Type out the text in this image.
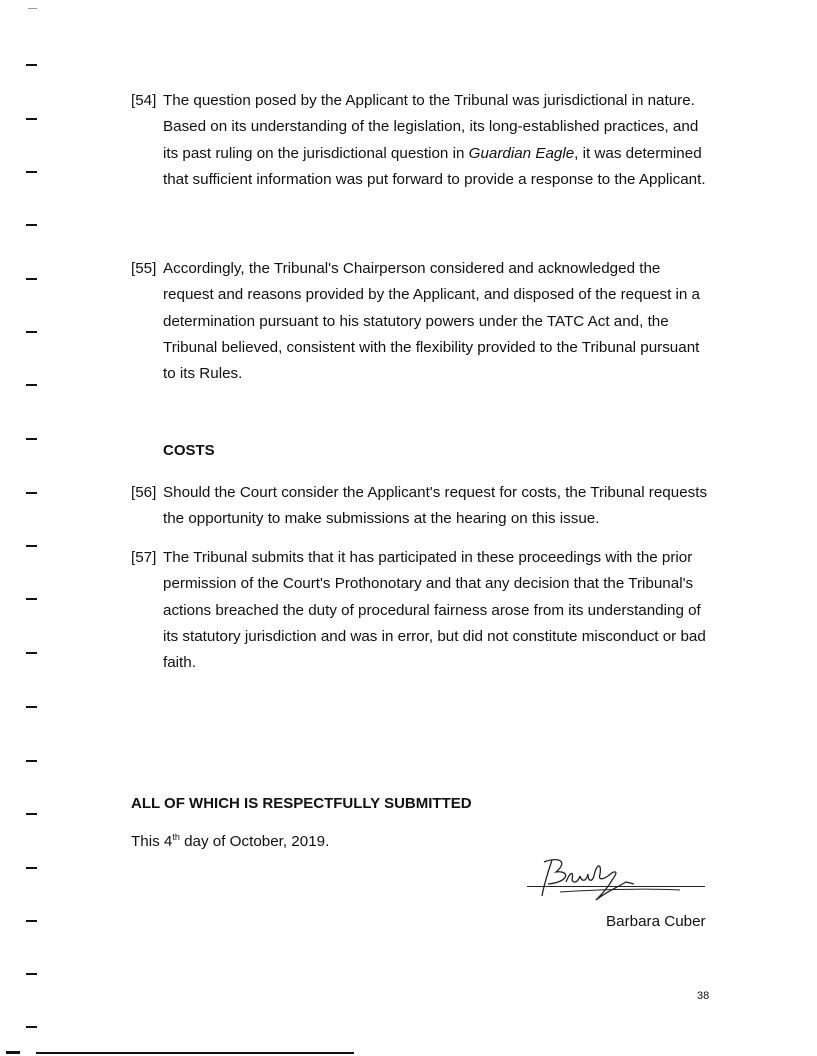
[54] The question posed by the Applicant to the Tribunal was jurisdictional in nature. Based on its understanding of the legislation, its long-established practices, and its past ruling on the jurisdictional question in Guardian Eagle, it was determined that sufficient information was put forward to provide a response to the Applicant.
[55] Accordingly, the Tribunal's Chairperson considered and acknowledged the request and reasons provided by the Applicant, and disposed of the request in a determination pursuant to his statutory powers under the TATC Act and, the Tribunal believed, consistent with the flexibility provided to the Tribunal pursuant to its Rules.
COSTS
[56] Should the Court consider the Applicant's request for costs, the Tribunal requests the opportunity to make submissions at the hearing on this issue.
[57] The Tribunal submits that it has participated in these proceedings with the prior permission of the Court's Prothonotary and that any decision that the Tribunal's actions breached the duty of procedural fairness arose from its understanding of its statutory jurisdiction and was in error, but did not constitute misconduct or bad faith.
ALL OF WHICH IS RESPECTFULLY SUBMITTED
This 4th day of October, 2019.
Barbara Cuber
38
